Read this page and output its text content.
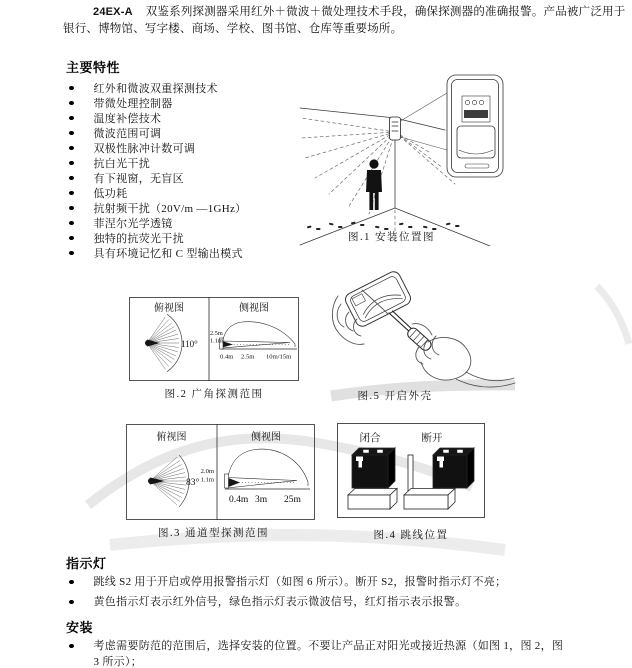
24EX-A 双鉴系列探测器采用红外＋微波＋微处理技术手段，确保探测器的准确报警。产品被广泛用于银行、博物馆、写字楼、商场、学校、图书馆、仓库等重要场所。

主要特性
红外和微波双重探测技术
带微处理控制器
温度补偿技术
微波范围可调
双极性脉冲计数可调
抗白光干扰
有下视窗，无盲区
低功耗
抗射频干扰（20V/m —1GHz）
菲涅尔光学透镜
独特的抗荧光干扰
具有环境记忆和 C 型输出模式
图.1 安装位置图
俯视图	侧视图
110°
2.5m
1.1m
0.4m 2.5m 10m/15m
图.2 广角探测范围	图.5 开启外壳
俯视图	侧视图
83°
2.0m
1.1m
0.4m 3m 25m
图.3 通道型探测范围
闭合	断开
图.4 跳线位置
指示灯
跳线 S2 用于开启或停用报警指示灯（如图 6 所示）。断开 S2，报警时指示灯不亮；
黄色指示灯表示红外信号，绿色指示灯表示微波信号，红灯指示表示报警。
安装
考虑需要防范的范围后，选择安装的位置。不要让产品正对阳光或接近热源（如图 1，图 2，图 3 所示）；
